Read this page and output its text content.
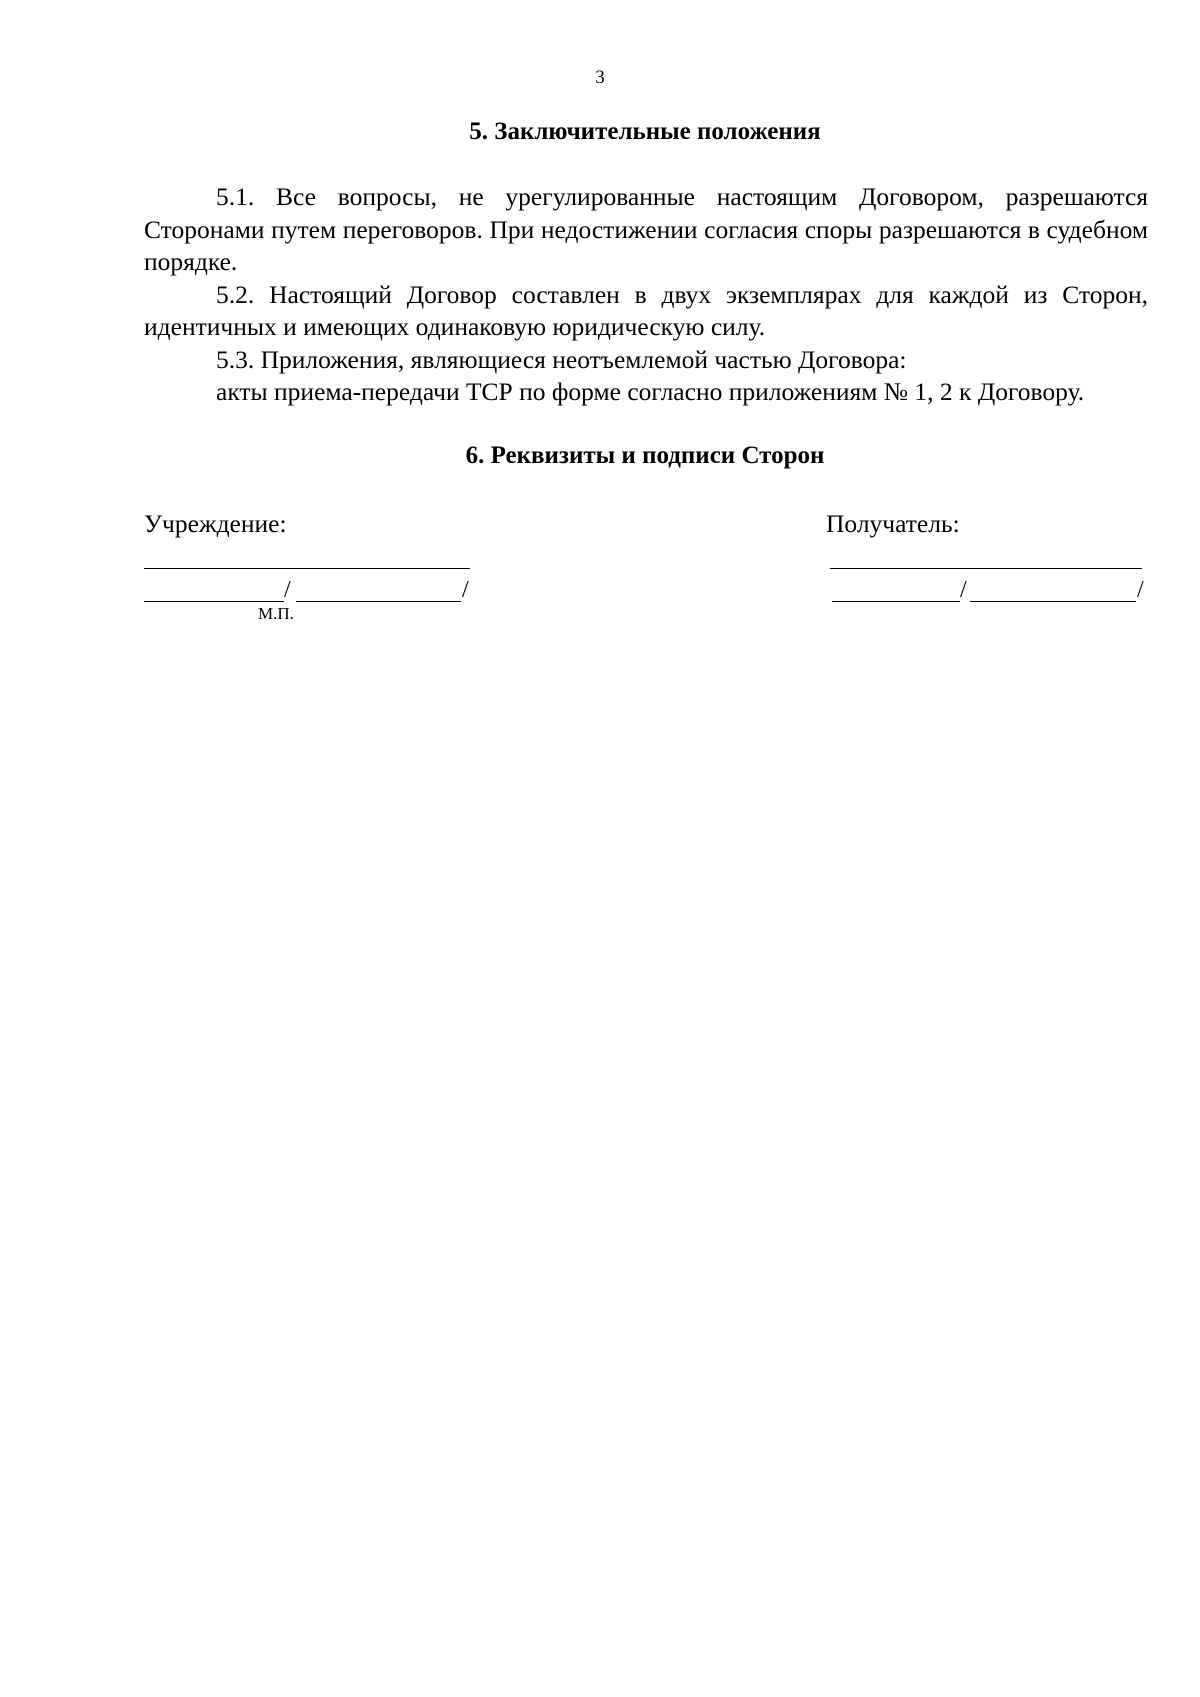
3
5. Заключительные положения

5.1. Все вопросы, не урегулированные настоящим Договором, разрешаются Сторонами путем переговоров. При недостижении согласия споры разрешаются в судебном порядке.

5.2. Настоящий Договор составлен в двух экземплярах для каждой из Сторон, идентичных и имеющих одинаковую юридическую силу.

5.3. Приложения, являющиеся неотъемлемой частью Договора:

акты приема-передачи ТСР по форме согласно приложениям № 1, 2 к Договору.

6. Реквизиты и подписи Сторон
Учреждение:	Получатель:
/	/
М.П.
/	/
